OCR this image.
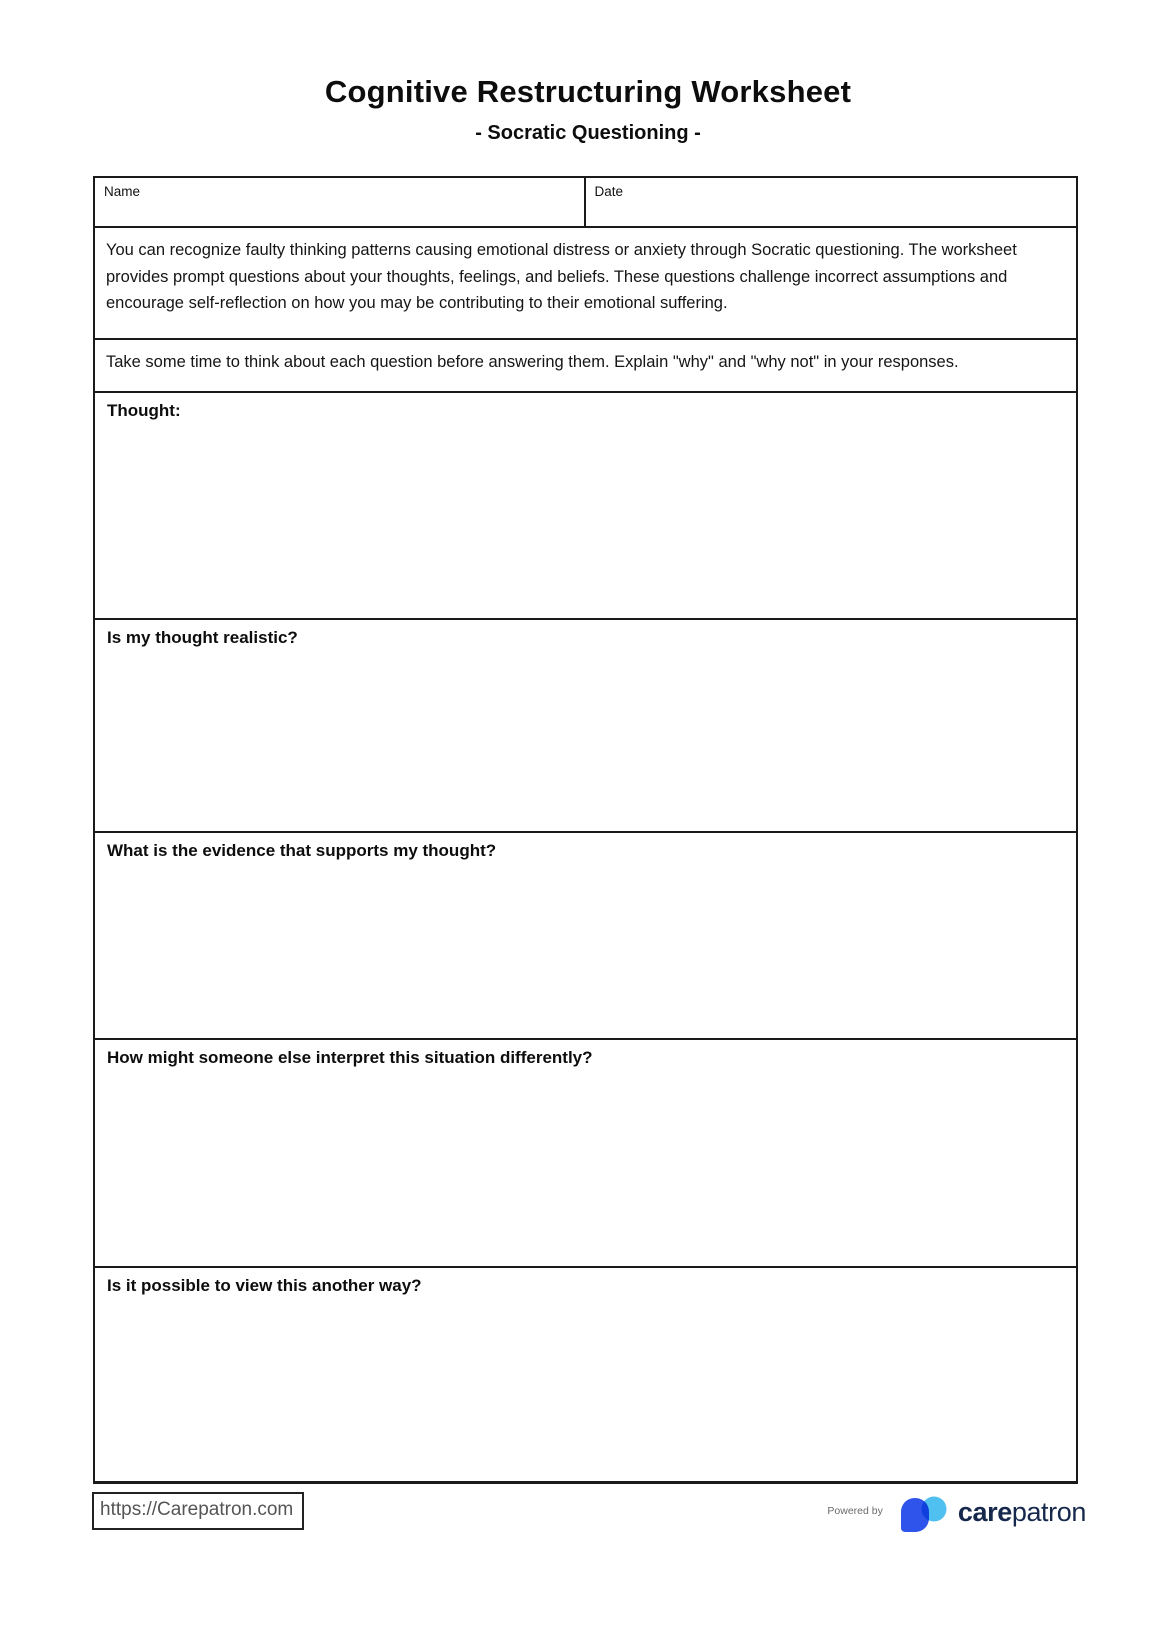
Cognitive Restructuring Worksheet
- Socratic Questioning -
Name	Date
You can recognize faulty thinking patterns causing emotional distress or anxiety through Socratic questioning. The worksheet provides prompt questions about your thoughts, feelings, and beliefs. These questions challenge incorrect assumptions and encourage self-reflection on how you may be contributing to their emotional suffering.
Take some time to think about each question before answering them. Explain "why" and "why not" in your responses.
Thought:
Is my thought realistic?
What is the evidence that supports my thought?
How might someone else interpret this situation differently?
Is it possible to view this another way?
https://Carepatron.com	Powered by	carepatron
